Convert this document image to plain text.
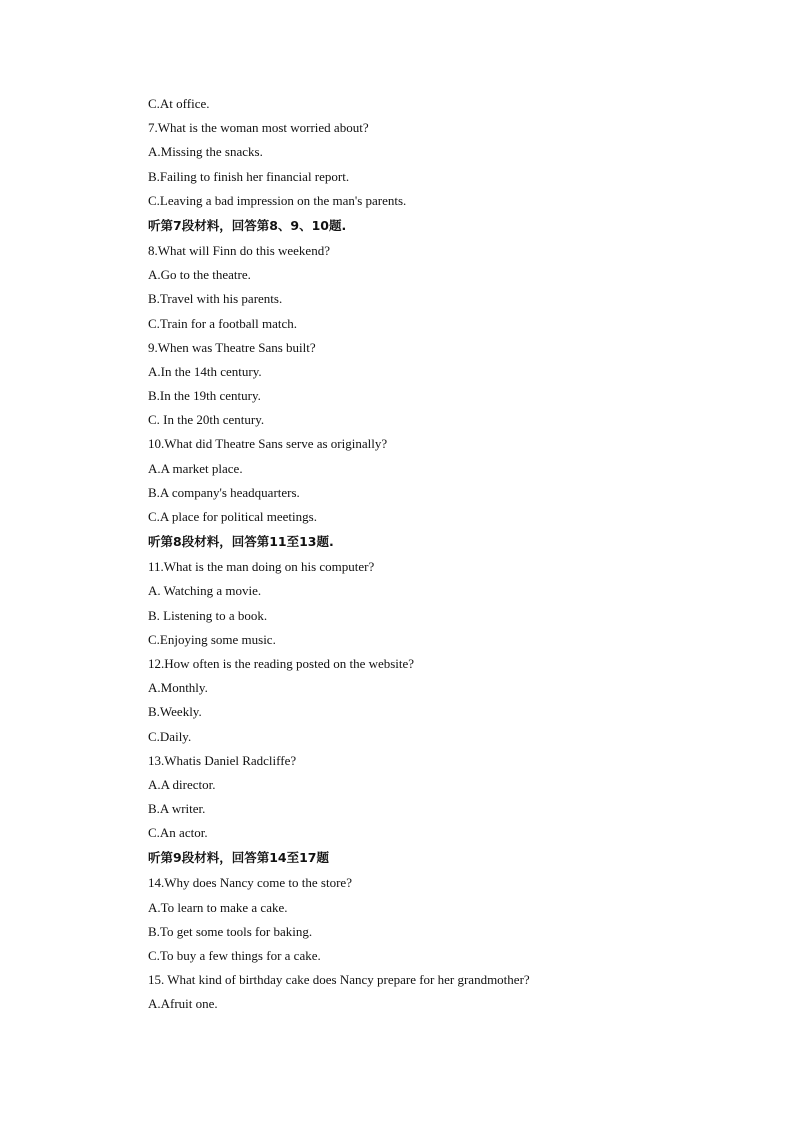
C.At office.
7.What is the woman most worried about?
A.Missing the snacks.
B.Failing to finish her financial report.
C.Leaving a bad impression on the man's parents.
听第7段材料，回答第8、9、10题.
8.What will Finn do this weekend?
A.Go to the theatre.
B.Travel with his parents.
C.Train for a football match.
9.When was Theatre Sans built?
A.In the 14th century.
B.In the 19th century.
C. In the 20th century.
10.What did Theatre Sans serve as originally?
A.A market place.
B.A company's headquarters.
C.A place for political meetings.
听第8段材料，回答第11至13题.
11.What is the man doing on his computer?
A. Watching a movie.
B. Listening to a book.
C.Enjoying some music.
12.How often is the reading posted on the website?
A.Monthly.
B.Weekly.
C.Daily.
13.Whatis Daniel Radcliffe?
A.A director.
B.A writer.
C.An actor.
听第9段材料，回答第14至17题
14.Why does Nancy come to the store?
A.To learn to make a cake.
B.To get some tools for baking.
C.To buy a few things for a cake.
15. What kind of birthday cake does Nancy prepare for her grandmother?
A.Afruit one.
